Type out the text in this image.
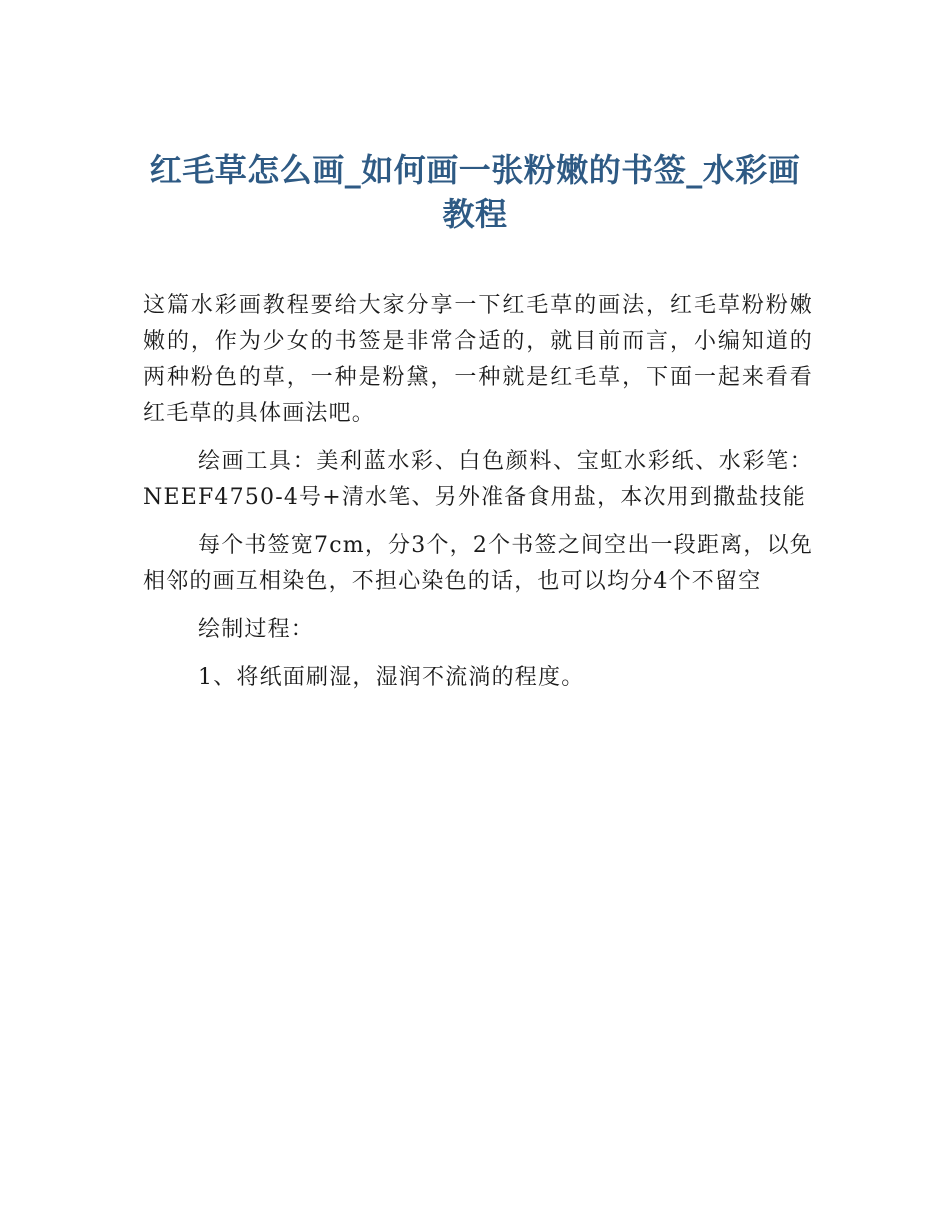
红毛草怎么画_如何画一张粉嫩的书签_水彩画教程

这篇水彩画教程要给大家分享一下红毛草的画法，红毛草粉粉嫩嫩的，作为少女的书签是非常合适的，就目前而言，小编知道的两种粉色的草，一种是粉黛，一种就是红毛草，下面一起来看看红毛草的具体画法吧。

绘画工具：美利蓝水彩、白色颜料、宝虹水彩纸、水彩笔：NEEF4750-4号+清水笔、另外准备食用盐，本次用到撒盐技能

每个书签宽7cm，分3个，2个书签之间空出一段距离，以免相邻的画互相染色，不担心染色的话，也可以均分4个不留空

绘制过程：

1、将纸面刷湿，湿润不流淌的程度。
